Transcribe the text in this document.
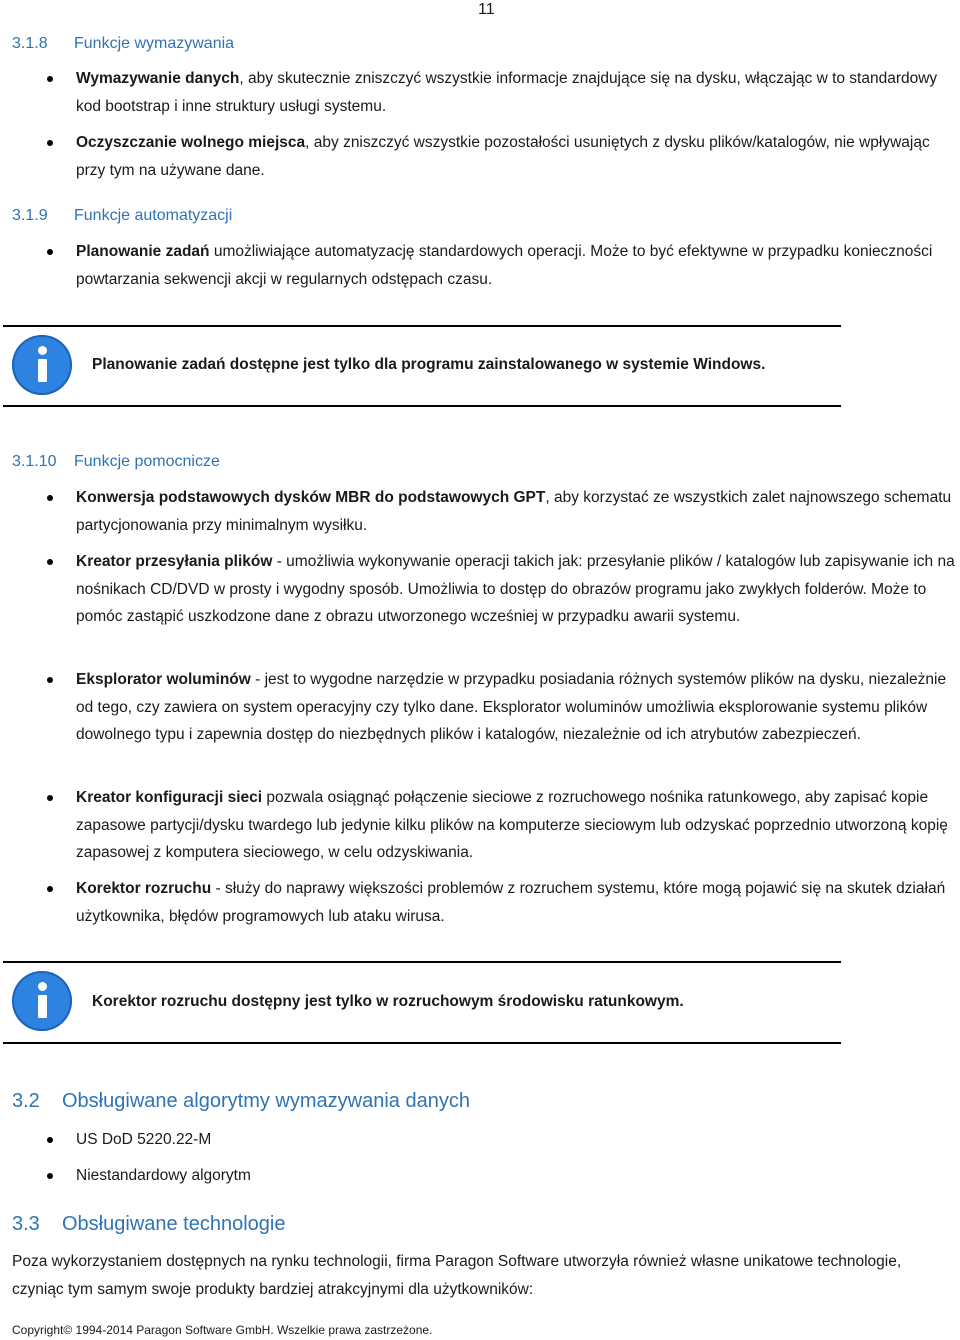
11
3.1.8 Funkcje wymazywania
Wymazywanie danych, aby skutecznie zniszczyć wszystkie informacje znajdujące się na dysku, włączając w to standardowy kod bootstrap i inne struktury usługi systemu.
Oczyszczanie wolnego miejsca, aby zniszczyć wszystkie pozostałości usuniętych z dysku plików/katalogów, nie wpływając przy tym na używane dane.
3.1.9 Funkcje automatyzacji
Planowanie zadań umożliwiające automatyzację standardowych operacji. Może to być efektywne w przypadku konieczności powtarzania sekwencji akcji w regularnych odstępach czasu.
Planowanie zadań dostępne jest tylko dla programu zainstalowanego w systemie Windows.
3.1.10 Funkcje pomocnicze
Konwersja podstawowych dysków MBR do podstawowych GPT, aby korzystać ze wszystkich zalet najnowszego schematu partycjonowania przy minimalnym wysiłku.
Kreator przesyłania plików - umożliwia wykonywanie operacji takich jak: przesyłanie plików / katalogów lub zapisywanie ich na nośnikach CD/DVD w prosty i wygodny sposób. Umożliwia to dostęp do obrazów programu jako zwykłych folderów. Może to pomóc zastąpić uszkodzone dane z obrazu utworzonego wcześniej w przypadku awarii systemu.
Eksplorator woluminów - jest to wygodne narzędzie w przypadku posiadania różnych systemów plików na dysku, niezależnie od tego, czy zawiera on system operacyjny czy tylko dane. Eksplorator woluminów umożliwia eksplorowanie systemu plików dowolnego typu i zapewnia dostęp do niezbędnych plików i katalogów, niezależnie od ich atrybutów zabezpieczeń.
Kreator konfiguracji sieci pozwala osiągnąć połączenie sieciowe z rozruchowego nośnika ratunkowego, aby zapisać kopie zapasowe partycji/dysku twardego lub jedynie kilku plików na komputerze sieciowym lub odzyskać poprzednio utworzoną kopię zapasowej z komputera sieciowego, w celu odzyskiwania.
Korektor rozruchu - służy do naprawy większości problemów z rozruchem systemu, które mogą pojawić się na skutek działań użytkownika, błędów programowych lub ataku wirusa.
Korektor rozruchu dostępny jest tylko w rozruchowym środowisku ratunkowym.
3.2 Obsługiwane algorytmy wymazywania danych
US DoD 5220.22-M
Niestandardowy algorytm
3.3 Obsługiwane technologie
Poza wykorzystaniem dostępnych na rynku technologii, firma Paragon Software utworzyła również własne unikatowe technologie, czyniąc tym samym swoje produkty bardziej atrakcyjnymi dla użytkowników:
Copyright© 1994-2014 Paragon Software GmbH. Wszelkie prawa zastrzeżone.
